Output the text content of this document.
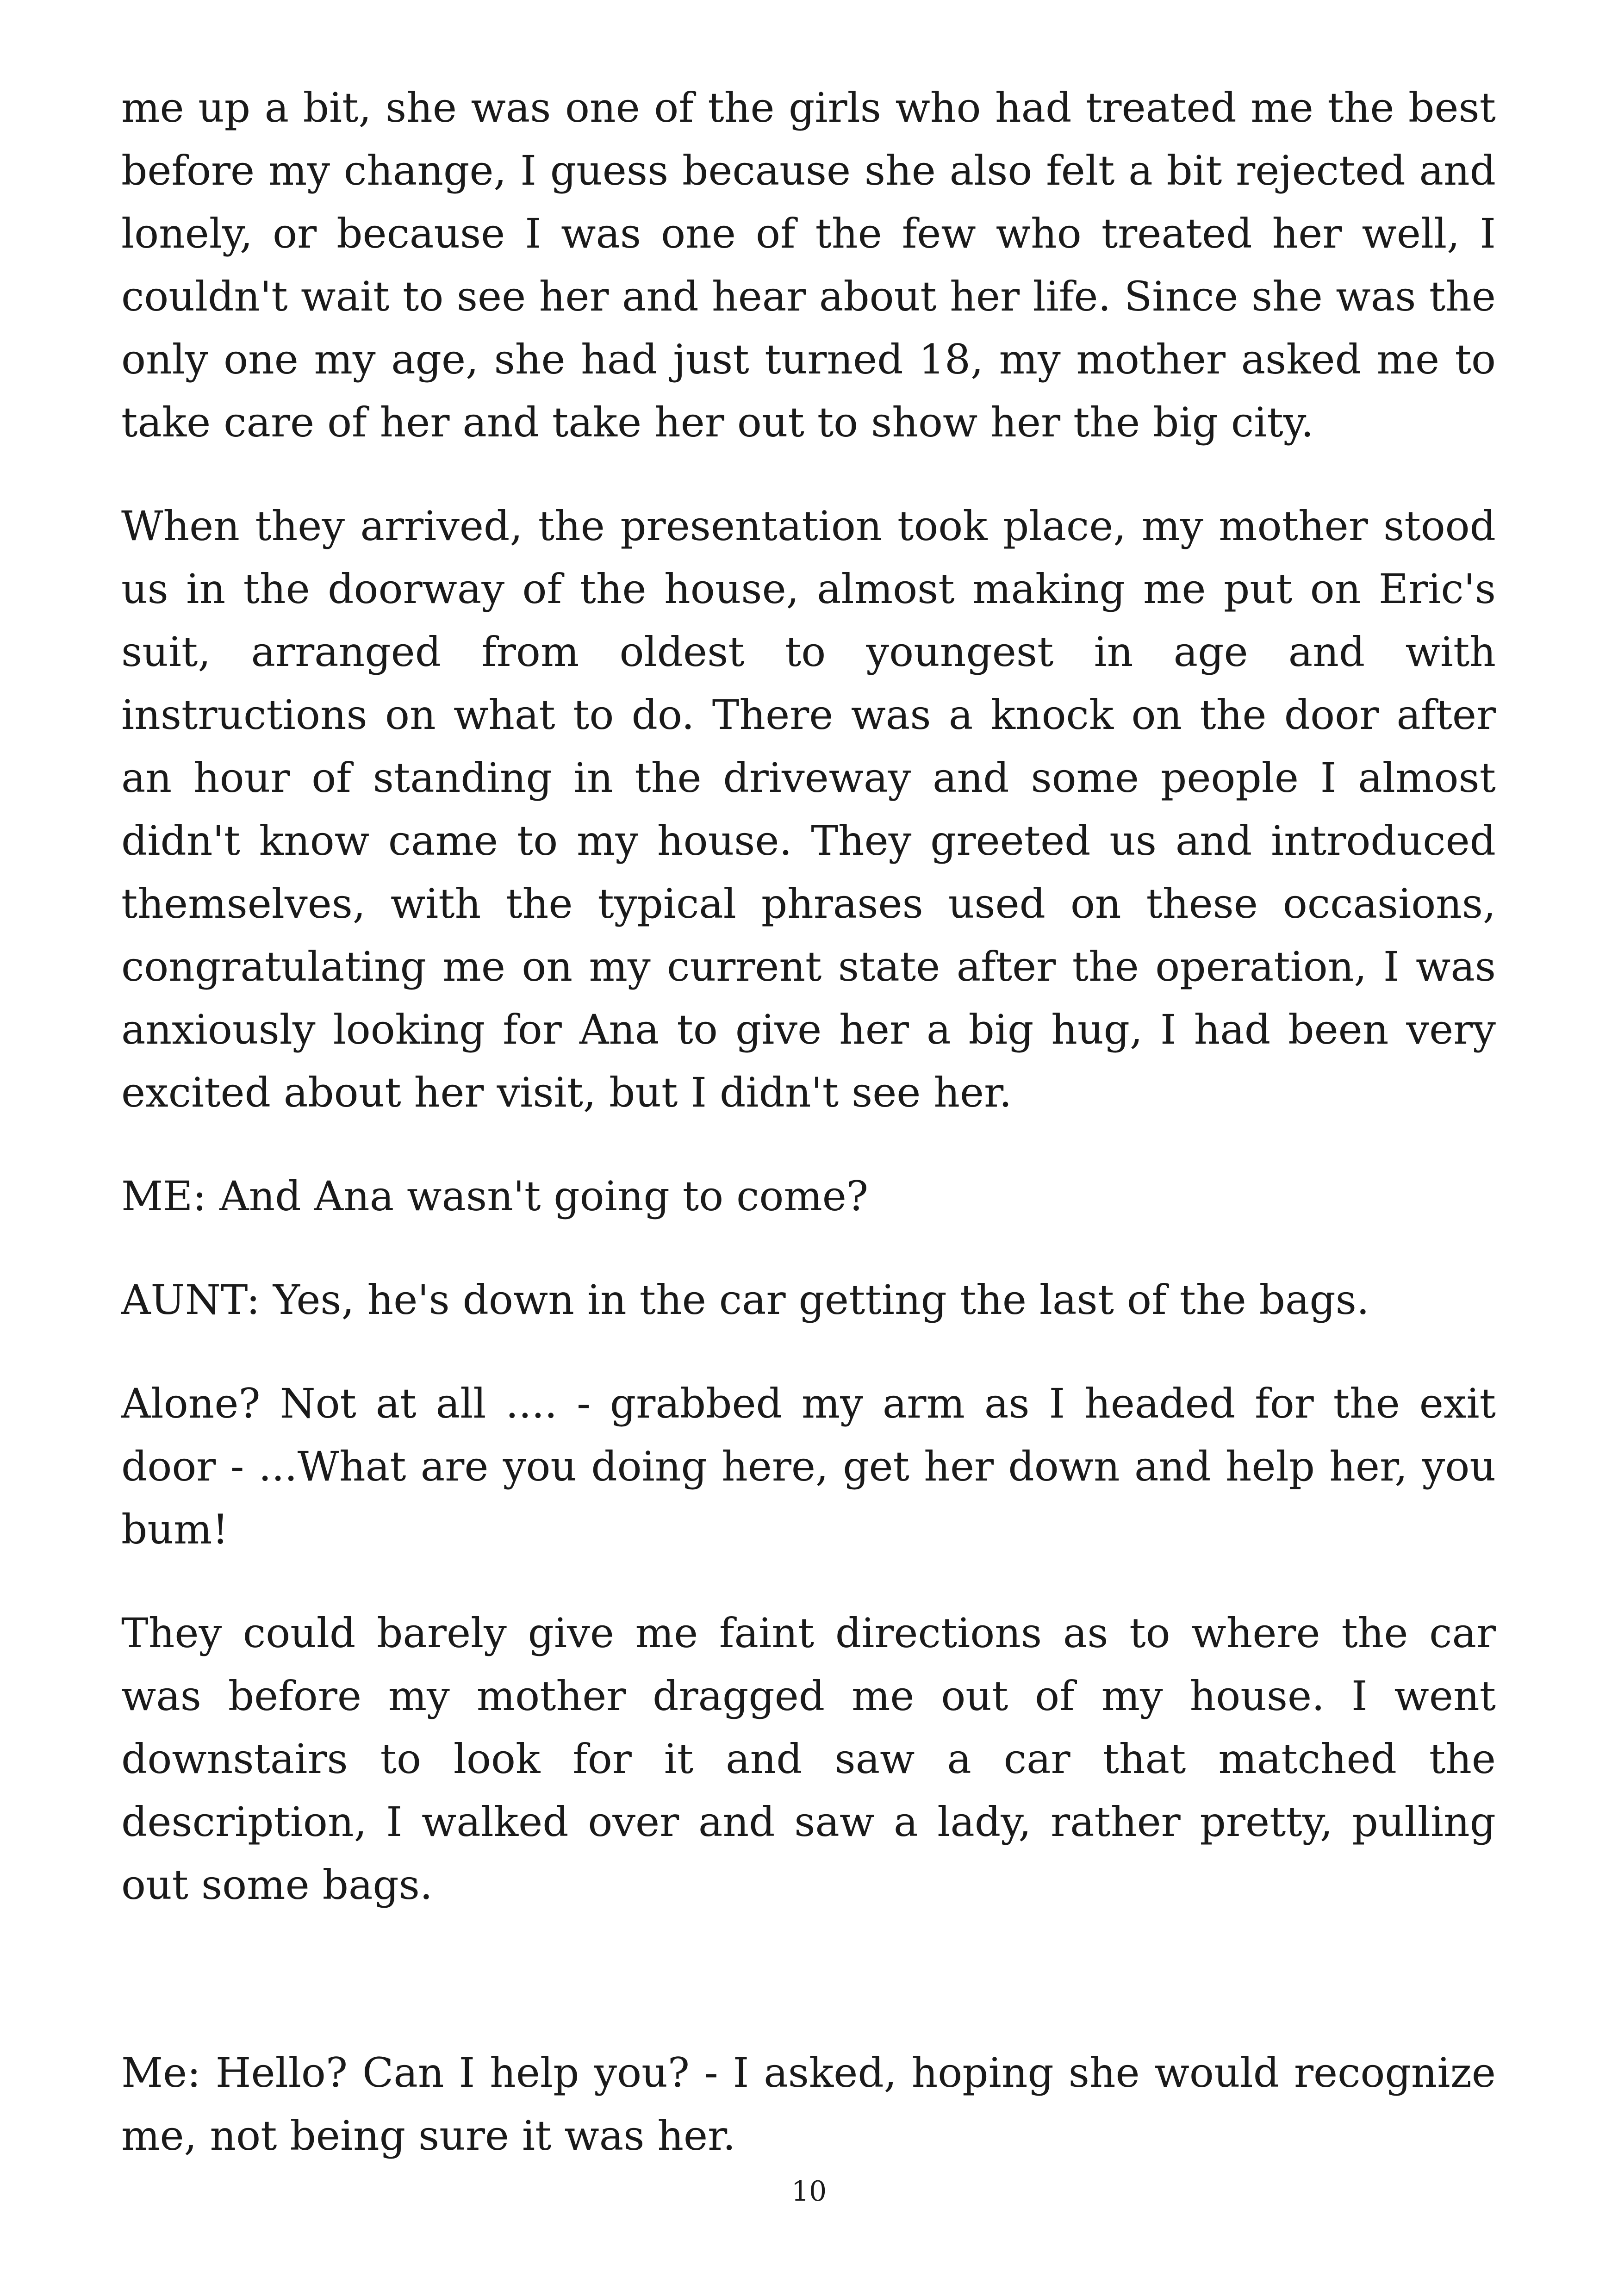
me up a bit, she was one of the girls who had treated me the best before my change, I guess because she also felt a bit rejected and lonely, or because I was one of the few who treated her well, I couldn't wait to see her and hear about her life. Since she was the only one my age, she had just turned 18, my mother asked me to take care of her and take her out to show her the big city.

When they arrived, the presentation took place, my mother stood us in the doorway of the house, almost making me put on Eric's suit, arranged from oldest to youngest in age and with instructions on what to do. There was a knock on the door after an hour of standing in the driveway and some people I almost didn't know came to my house. They greeted us and introduced themselves, with the typical phrases used on these occasions, congratulating me on my current state after the operation, I was anxiously looking for Ana to give her a big hug, I had been very excited about her visit, but I didn't see her.

ME: And Ana wasn't going to come?

AUNT: Yes, he's down in the car getting the last of the bags.

Alone? Not at all .... - grabbed my arm as I headed for the exit door - ...What are you doing here, get her down and help her, you bum!

They could barely give me faint directions as to where the car was before my mother dragged me out of my house. I went downstairs to look for it and saw a car that matched the description, I walked over and saw a lady, rather pretty, pulling out some bags.

Me: Hello? Can I help you? - I asked, hoping she would recognize me, not being sure it was her.

10
